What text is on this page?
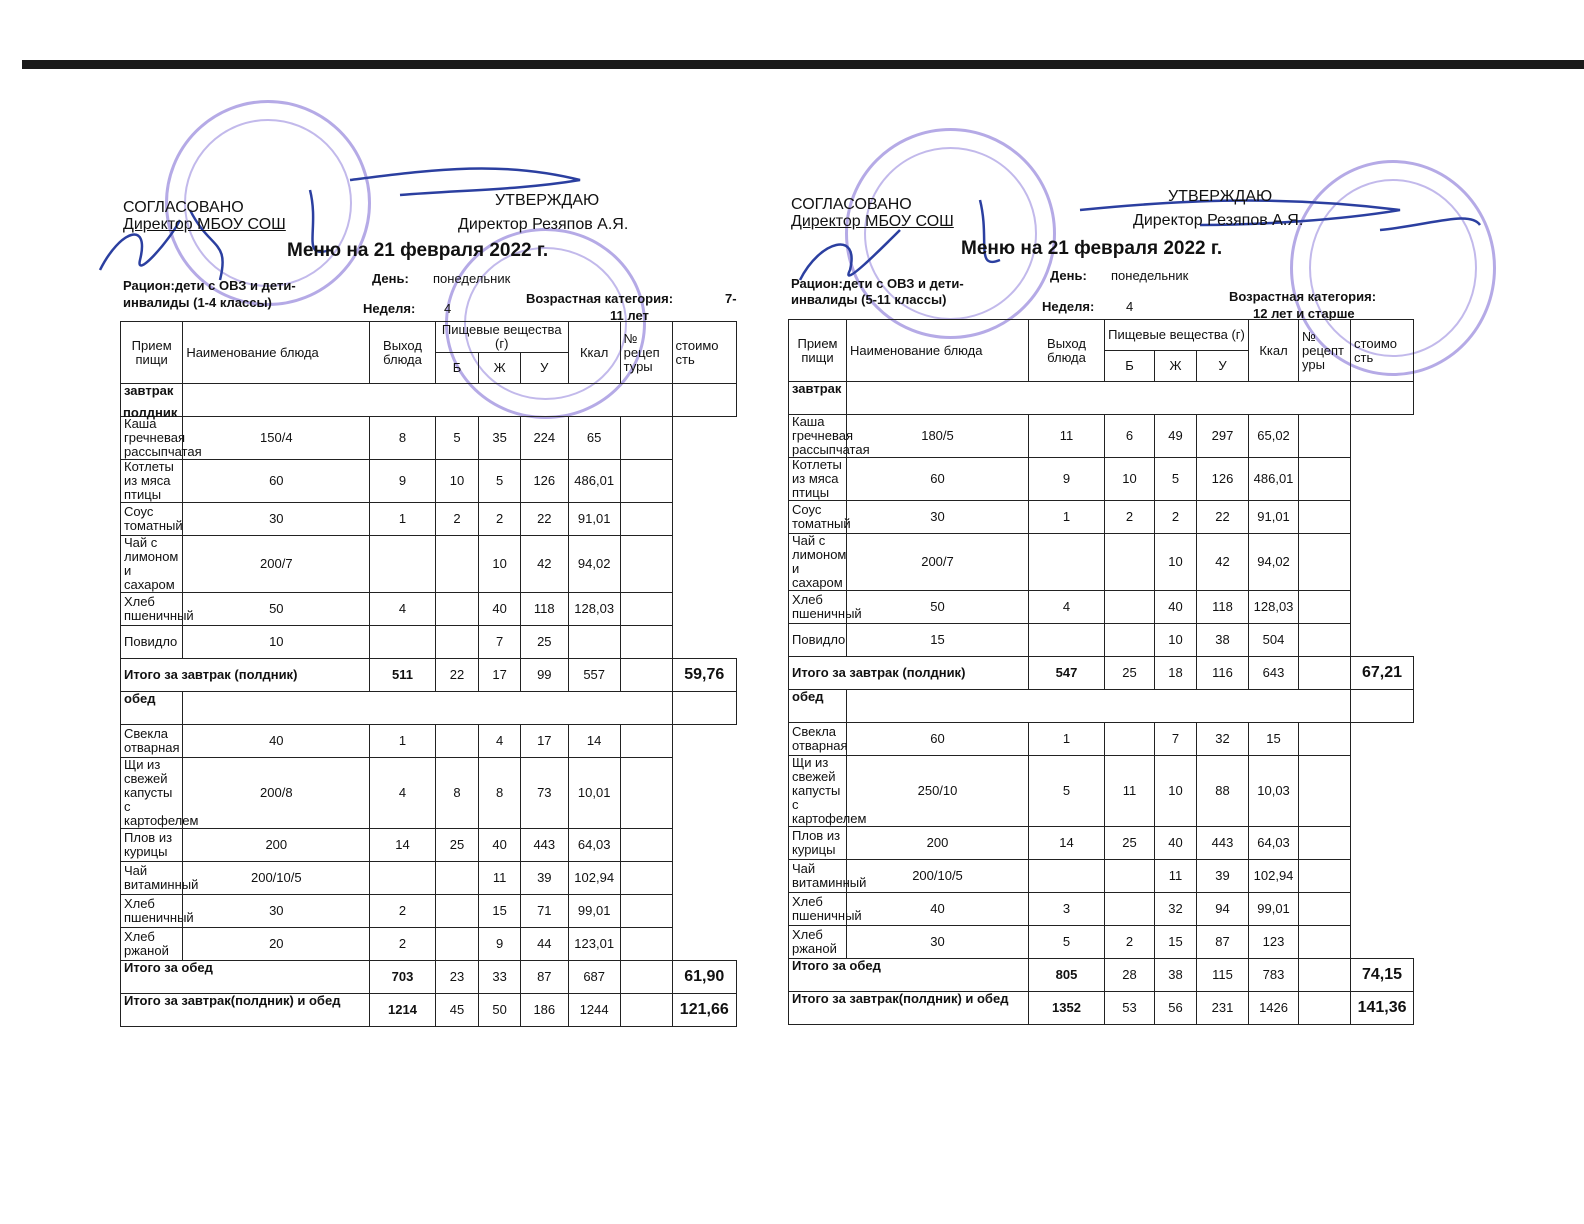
СОГЛАСОВАНО
Директор МБОУ СОШ
УТВЕРЖДАЮ
Директор Резяпов А.Я.
Меню на 21 февраля 2022 г.
Рацион:дети с ОВЗ и дети-
инвалиды (1-4 классы)
День: понедельник
Неделя: 4
Возрастная категория:	7-
11 лет
Прием пищи	Наименование блюда	Выход блюда	Пищевые вещества (г)			Ккал	№ рецеп туры	стоимо сть
			Б	Ж	У			
завтрак
полдник								

Каша гречневая рассыпчатая	150/4	8	5	35	224	65		
Котлеты из мяса птицы	60	9	10	5	126	486,01		
Соус томатный	30	1	2	2	22	91,01		
Чай с лимоном и сахаром	200/7			10	42	94,02		
Хлеб пшеничный	50	4		40	118	128,03		
Повидло	10			7	25			
Итого за завтрак (полдник)		511	22	17	99	557		59,76
обед								
Свекла отварная	40	1		4	17	14		
Щи из свежей капусты с картофелем	200/8	4	8	8	73	10,01		
Плов из курицы	200	14	25	40	443	64,03		
Чай витаминный	200/10/5			11	39	102,94		
Хлеб пшеничный	30	2		15	71	99,01		
Хлеб ржаной	20	2		9	44	123,01		
Итого за обед		703	23	33	87	687		61,90
Итого за завтрак(полдник) и обед		1214	45	50	186	1244		121,66
СОГЛАСОВАНО
Директор МБОУ СОШ
УТВЕРЖДАЮ
Директор Резяпов А.Я.
Меню на 21 февраля 2022 г.
Рацион:дети с ОВЗ и дети-
инвалиды (5-11 классы)
День: понедельник
Неделя: 4
Возрастная категория:
12 лет и старше
Прием пищи	Наименование блюда	Выход блюда	Пищевые вещества (г)			Ккал	№ рецепт уры	стоимо сть
			Б	Ж	У			
завтрак								
Каша гречневая рассыпчатая	180/5	11	6	49	297	65,02		
Котлеты из мяса птицы	60	9	10	5	126	486,01		
Соус томатный	30	1	2	2	22	91,01		
Чай с лимоном и сахаром	200/7			10	42	94,02		
Хлеб пшеничный	50	4		40	118	128,03		
Повидло	15			10	38	504		
Итого за завтрак (полдник)		547	25	18	116	643		67,21
обед								
Свекла отварная	60	1		7	32	15		
Щи из свежей капусты с картофелем	250/10	5	11	10	88	10,03		
Плов из курицы	200	14	25	40	443	64,03		
Чай витаминный	200/10/5			11	39	102,94		
Хлеб пшеничный	40	3		32	94	99,01		
Хлеб ржаной	30	5	2	15	87	123		
Итого за обед		805	28	38	115	783		74,15
Итого за завтрак(полдник) и обед		1352	53	56	231	1426		141,36
